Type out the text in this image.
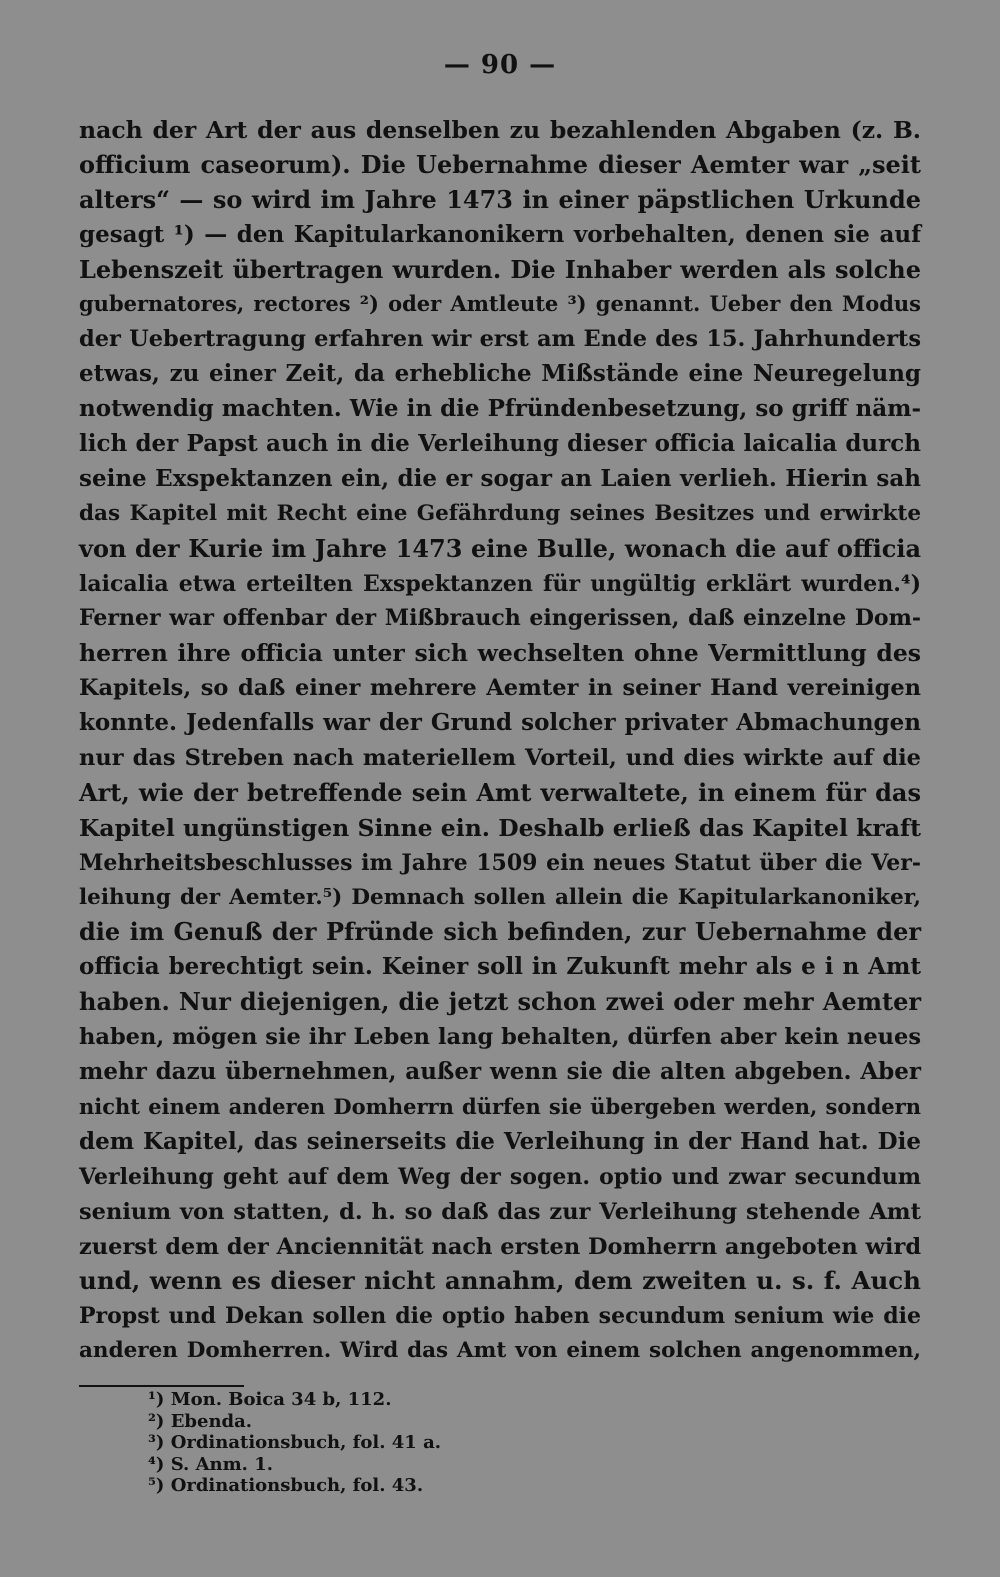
— 90 —
nach der Art der aus denselben zu bezahlenden Abgaben (z. B.
officium caseorum). Die Uebernahme dieser Aemter war „seit
alters“ — so wird im Jahre 1473 in einer päpstlichen Urkunde
gesagt ¹) — den Kapitularkanonikern vorbehalten, denen sie auf
Lebenszeit übertragen wurden. Die Inhaber werden als solche
gubernatores, rectores ²) oder Amtleute ³) genannt. Ueber den Modus
der Uebertragung erfahren wir erst am Ende des 15. Jahrhunderts
etwas, zu einer Zeit, da erhebliche Mißstände eine Neuregelung
notwendig machten. Wie in die Pfründenbesetzung, so griff näm-
lich der Papst auch in die Verleihung dieser officia laicalia durch
seine Exspektanzen ein, die er sogar an Laien verlieh. Hierin sah
das Kapitel mit Recht eine Gefährdung seines Besitzes und erwirkte
von der Kurie im Jahre 1473 eine Bulle, wonach die auf officia
laicalia etwa erteilten Exspektanzen für ungültig erklärt wurden.⁴)
Ferner war offenbar der Mißbrauch eingerissen, daß einzelne Dom-
herren ihre officia unter sich wechselten ohne Vermittlung des
Kapitels, so daß einer mehrere Aemter in seiner Hand vereinigen
konnte. Jedenfalls war der Grund solcher privater Abmachungen
nur das Streben nach materiellem Vorteil, und dies wirkte auf die
Art, wie der betreffende sein Amt verwaltete, in einem für das
Kapitel ungünstigen Sinne ein. Deshalb erließ das Kapitel kraft
Mehrheitsbeschlusses im Jahre 1509 ein neues Statut über die Ver-
leihung der Aemter.⁵) Demnach sollen allein die Kapitularkanoniker,
die im Genuß der Pfründe sich befinden, zur Uebernahme der
officia berechtigt sein. Keiner soll in Zukunft mehr als e i n Amt
haben. Nur diejenigen, die jetzt schon zwei oder mehr Aemter
haben, mögen sie ihr Leben lang behalten, dürfen aber kein neues
mehr dazu übernehmen, außer wenn sie die alten abgeben. Aber
nicht einem anderen Domherrn dürfen sie übergeben werden, sondern
dem Kapitel, das seinerseits die Verleihung in der Hand hat. Die
Verleihung geht auf dem Weg der sogen. optio und zwar secundum
senium von statten, d. h. so daß das zur Verleihung stehende Amt
zuerst dem der Anciennität nach ersten Domherrn angeboten wird
und, wenn es dieser nicht annahm, dem zweiten u. s. f. Auch
Propst und Dekan sollen die optio haben secundum senium wie die
anderen Domherren. Wird das Amt von einem solchen angenommen,
¹) Mon. Boica 34 b, 112.
²) Ebenda.
³) Ordinationsbuch, fol. 41 a.
⁴) S. Anm. 1.
⁵) Ordinationsbuch, fol. 43.
